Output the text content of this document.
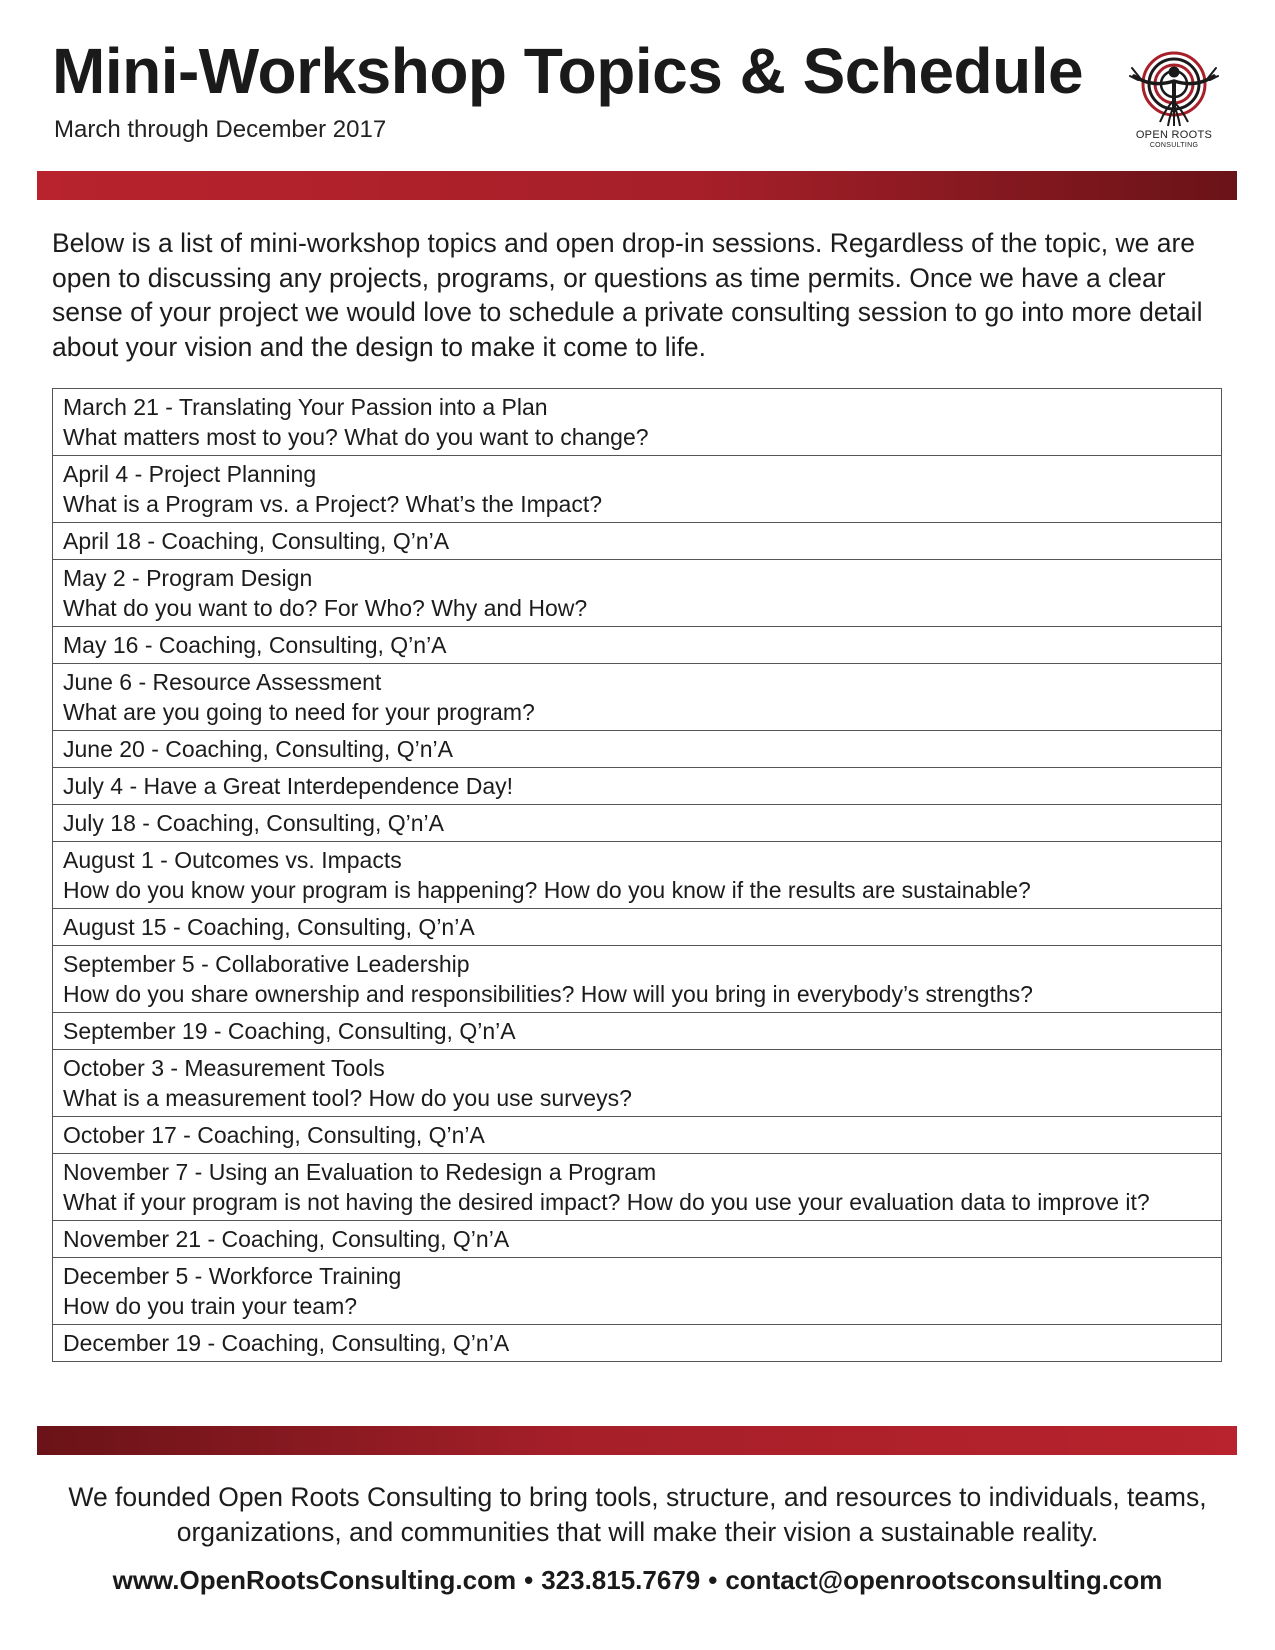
Mini-Workshop Topics & Schedule
March through December 2017	OPEN ROOTS
CONSULTING

Below is a list of mini-workshop topics and open drop-in sessions. Regardless of the topic, we are open to discussing any projects, programs, or questions as time permits. Once we have a clear sense of your project we would love to schedule a private consulting session to go into more detail about your vision and the design to make it come to life.

March 21 - Translating Your Passion into a Plan
What matters most to you? What do you want to change?
April 4 - Project Planning
What is a Program vs. a Project? What’s the Impact?
April 18 - Coaching, Consulting, Q’n’A
May 2 - Program Design
What do you want to do? For Who? Why and How?
May 16 - Coaching, Consulting, Q’n’A
June 6 - Resource Assessment
What are you going to need for your program?
June 20 - Coaching, Consulting, Q’n’A
July 4 - Have a Great Interdependence Day!
July 18 - Coaching, Consulting, Q’n’A
August 1 - Outcomes vs. Impacts
How do you know your program is happening? How do you know if the results are sustainable?
August 15 - Coaching, Consulting, Q’n’A
September 5 - Collaborative Leadership
How do you share ownership and responsibilities? How will you bring in everybody’s strengths?
September 19 - Coaching, Consulting, Q’n’A
October 3 - Measurement Tools
What is a measurement tool? How do you use surveys?
October 17 - Coaching, Consulting, Q’n’A
November 7 - Using an Evaluation to Redesign a Program
What if your program is not having the desired impact? How do you use your evaluation data to improve it?
November 21 - Coaching, Consulting, Q’n’A
December 5 - Workforce Training
How do you train your team?
December 19 - Coaching, Consulting, Q’n’A

We founded Open Roots Consulting to bring tools, structure, and resources to individuals, teams, organizations, and communities that will make their vision a sustainable reality.

www.OpenRootsConsulting.com • 323.815.7679 • contact@openrootsconsulting.com
